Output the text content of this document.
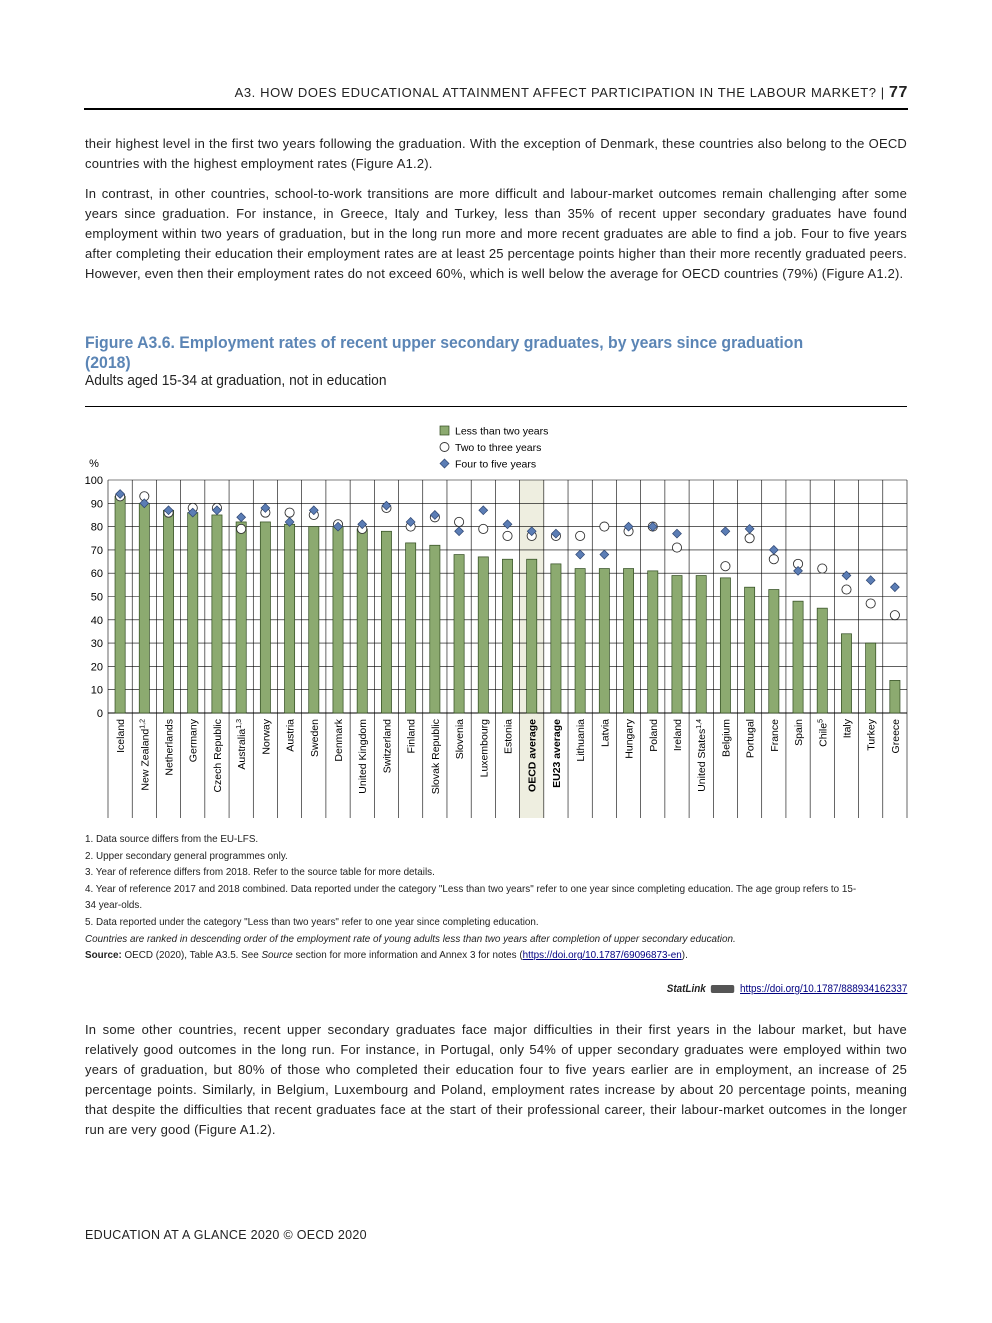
A3. HOW DOES EDUCATIONAL ATTAINMENT AFFECT PARTICIPATION IN THE LABOUR MARKET? | 77

their highest level in the first two years following the graduation. With the exception of Denmark, these countries also belong to the OECD countries with the highest employment rates (Figure A1.2).

In contrast, in other countries, school-to-work transitions are more difficult and labour-market outcomes remain challenging after some years since graduation. For instance, in Greece, Italy and Turkey, less than 35% of recent upper secondary graduates have found employment within two years of graduation, but in the long run more and more recent graduates are able to find a job. Four to five years after completing their education their employment rates are at least 25 percentage points higher than their more recently graduated peers. However, even then their employment rates do not exceed 60%, which is well below the average for OECD countries (79%) (Figure A1.2).

Figure A3.6. Employment rates of recent upper secondary graduates, by years since graduation (2018)

Adults aged 15-34 at graduation, not in education

0
10
20
30
40
50
60
70
80
90
100
%
Iceland New Zealand$^{1,2}$	Netherlands Germany Czech Republic Australia$^{1,3}$	Norway Austria Sweden Denmark United Kingdom Switzerland Finland Slovak Republic Slovenia Luxembourg Estonia OECD average EU23 average Lithuania Latvia Hungary Poland Ireland United States$^{1,4}$	Belgium Portugal France Spain Chile$^5$	Italy Turkey Greece
Less than two years
Two to three years
Four to five years

1. Data source differs from the EU-LFS.

2. Upper secondary general programmes only.

3. Year of reference differs from 2018. Refer to the source table for more details.

4. Year of reference 2017 and 2018 combined. Data reported under the category "Less than two years" refer to one year since completing education. The age group refers to 15-34 year-olds.

5. Data reported under the category "Less than two years" refer to one year since completing education.

Countries are ranked in descending order of the employment rate of young adults less than two years after completion of upper secondary education.

Source: OECD (2020), Table A3.5. See Source section for more information and Annex 3 for notes (https://doi.org/10.1787/69096873-en).

StatLink	https://doi.org/10.1787/888934162337

In some other countries, recent upper secondary graduates face major difficulties in their first years in the labour market, but have relatively good outcomes in the long run. For instance, in Portugal, only 54% of upper secondary graduates were employed within two years of graduation, but 80% of those who completed their education four to five years earlier are in employment, an increase of 25 percentage points. Similarly, in Belgium, Luxembourg and Poland, employment rates increase by about 20 percentage points, meaning that despite the difficulties that recent graduates face at the start of their professional career, their labour-market outcomes in the longer run are very good (Figure A1.2).

EDUCATION AT A GLANCE 2020 © OECD 2020
